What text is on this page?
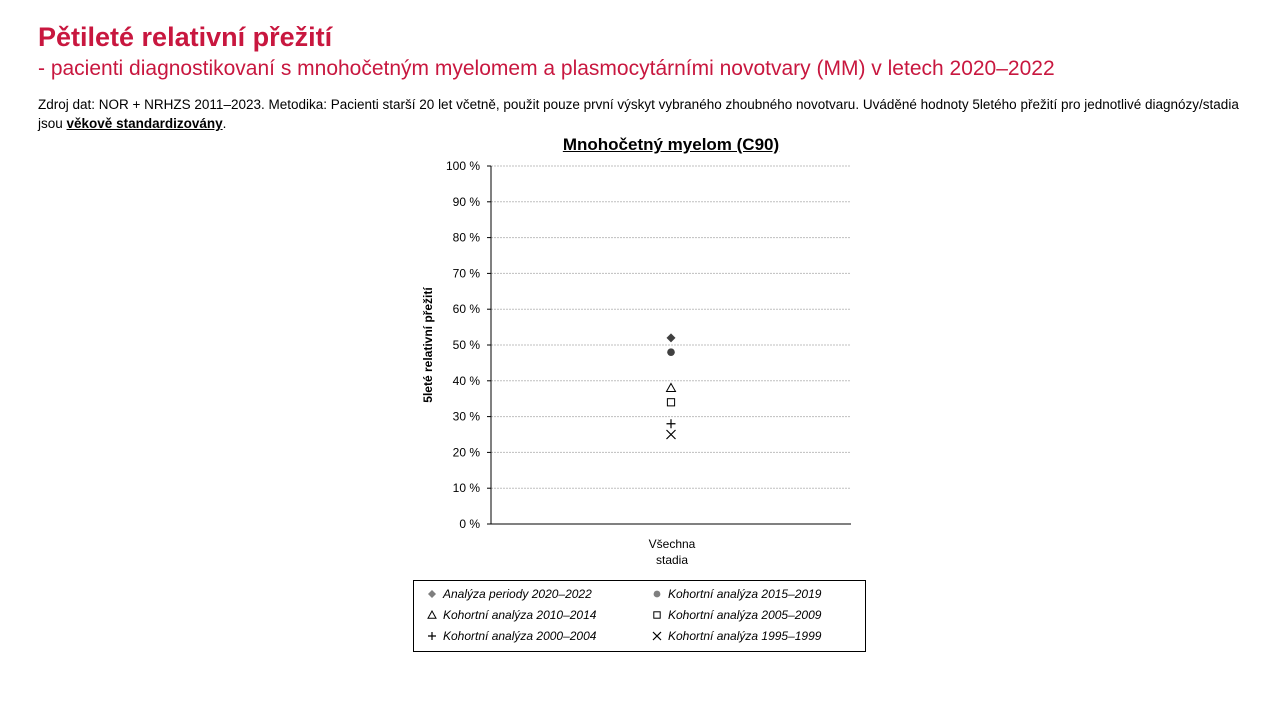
Pětileté relativní přežití
- pacienti diagnostikovaní s mnohočetným myelomem a plasmocytárními novotvary (MM) v letech 2020–2022
Zdroj dat: NOR + NRHZS 2011–2023. Metodika: Pacienti starší 20 let včetně, použit pouze první výskyt vybraného zhoubného novotvaru. Uváděné hodnoty 5letého přežití pro jednotlivé diagnózy/stadia jsou věkově standardizovány.
Mnohočetný myelom (C90)
5leté relativní přežití
0 %
10 %
20 %
30 %
40 %
50 %
60 %
70 %
80 %
90 %
100 %
Všechna
stadia
Analýza periody 2020–2022	Kohortní analýza 2015–2019
Kohortní analýza 2010–2014	Kohortní analýza 2005–2009
Kohortní analýza 2000–2004	Kohortní analýza 1995–1999
